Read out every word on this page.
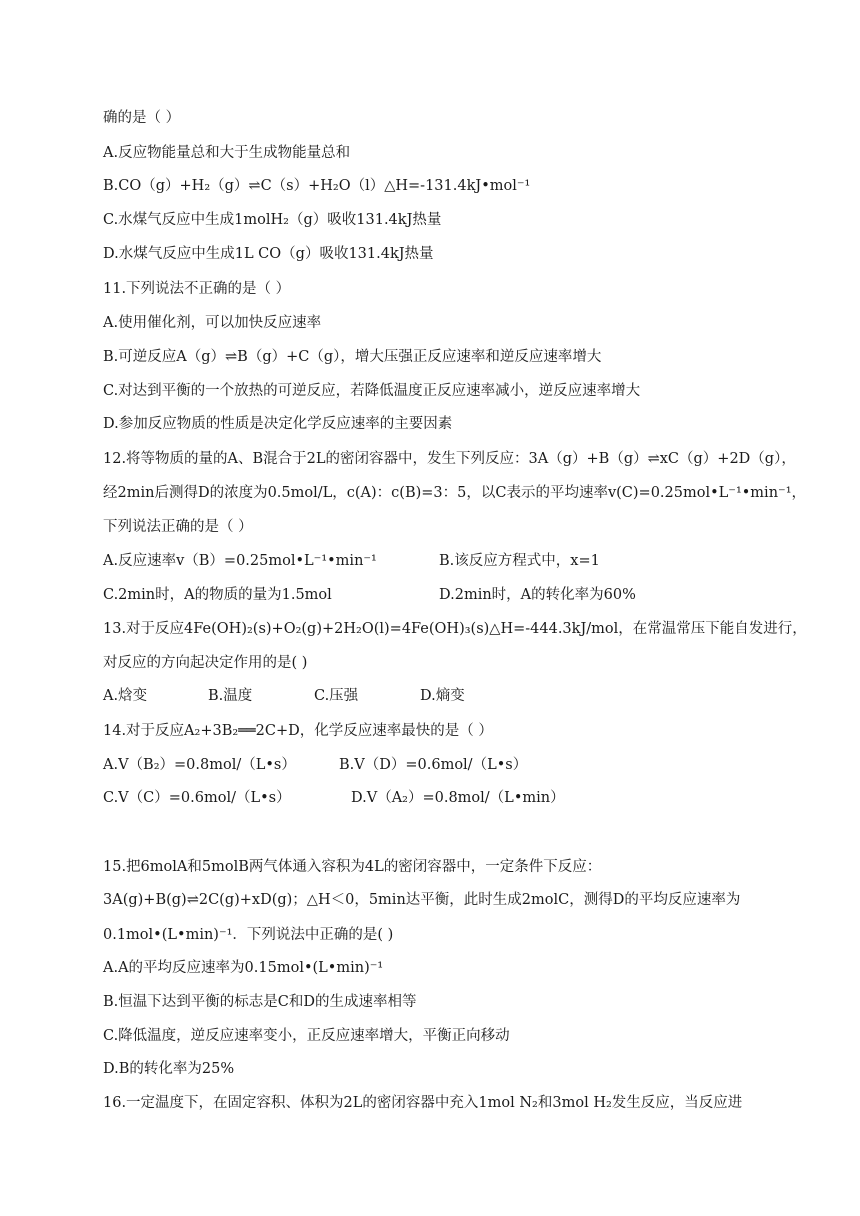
确的是（ ）
A.反应物能量总和大于生成物能量总和
B.CO（g）+H₂（g）⇌C（s）+H₂O（l）△H=-131.4kJ•mol⁻¹
C.水煤气反应中生成1molH₂（g）吸收131.4kJ热量
D.水煤气反应中生成1L CO（g）吸收131.4kJ热量
11.下列说法不正确的是（ ）
A.使用催化剂，可以加快反应速率
B.可逆反应A（g）⇌B（g）+C（g），增大压强正反应速率和逆反应速率增大
C.对达到平衡的一个放热的可逆反应，若降低温度正反应速率减小，逆反应速率增大
D.参加反应物质的性质是决定化学反应速率的主要因素
12.将等物质的量的A、B混合于2L的密闭容器中，发生下列反应：3A（g）+B（g）⇌xC（g）+2D（g），
经2min后测得D的浓度为0.5mol/L，c(A)：c(B)=3：5，以C表示的平均速率v(C)=0.25mol•L⁻¹•min⁻¹，
下列说法正确的是（ ）
A.反应速率v（B）=0.25mol•L⁻¹•min⁻¹	B.该反应方程式中，x=1
C.2min时，A的物质的量为1.5mol	D.2min时，A的转化率为60%
13.对于反应4Fe(OH)₂(s)+O₂(g)+2H₂O(l)=4Fe(OH)₃(s)△H=-444.3kJ/mol，在常温常压下能自发进行，
对反应的方向起决定作用的是( )
A.焓变	B.温度	C.压强	D.熵变
14.对于反应A₂+3B₂══2C+D，化学反应速率最快的是（ ）
A.V（B₂）=0.8mol/（L•s）	B.V（D）=0.6mol/（L•s）
C.V（C）=0.6mol/（L•s）	D.V（A₂）=0.8mol/（L•min）
15.把6molA和5molB两气体通入容积为4L的密闭容器中，一定条件下反应：
3A(g)+B(g)⇌2C(g)+xD(g)；△H＜0，5min达平衡，此时生成2molC，测得D的平均反应速率为
0.1mol•(L•min)⁻¹．下列说法中正确的是( )
A.A的平均反应速率为0.15mol•(L•min)⁻¹
B.恒温下达到平衡的标志是C和D的生成速率相等
C.降低温度，逆反应速率变小，正反应速率增大，平衡正向移动
D.B的转化率为25%
16.一定温度下，在固定容积、体积为2L的密闭容器中充入1mol N₂和3mol H₂发生反应，当反应进
